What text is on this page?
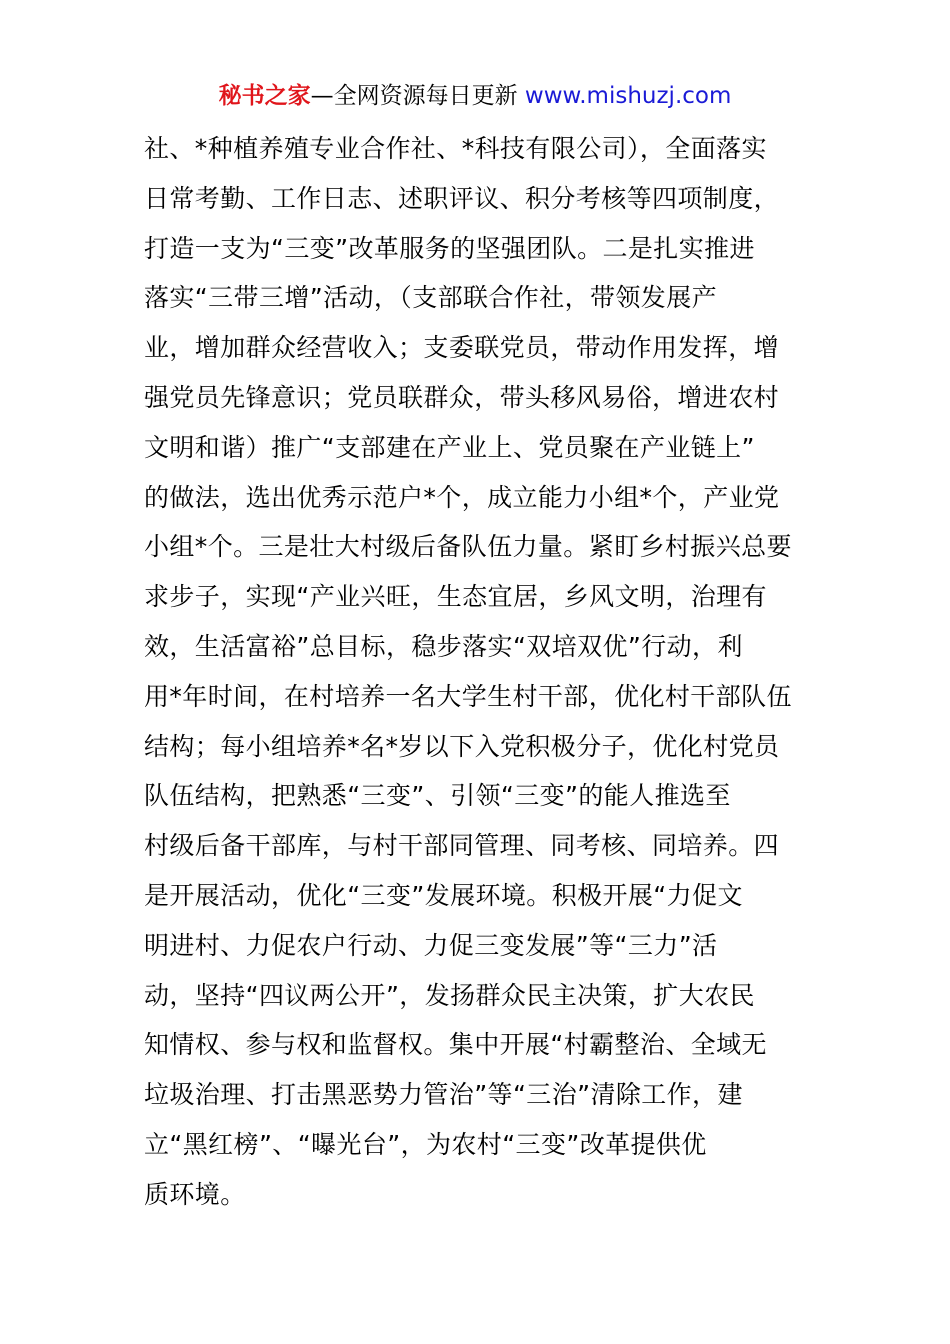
秘书之家—全网资源每日更新 www.mishuzj.com
社、*种植养殖专业合作社、*科技有限公司），全面落实
日常考勤、工作日志、述职评议、积分考核等四项制度，
打造一支为“三变”改革服务的坚强团队。二是扎实推进
落实“三带三增”活动，（支部联合作社，带领发展产
业，增加群众经营收入；支委联党员，带动作用发挥，增
强党员先锋意识；党员联群众，带头移风易俗，增进农村
文明和谐）推广“支部建在产业上、党员聚在产业链上”
的做法，选出优秀示范户*个，成立能力小组*个，产业党
小组*个。三是壮大村级后备队伍力量。紧盯乡村振兴总要
求步子，实现“产业兴旺，生态宜居，乡风文明，治理有
效，生活富裕”总目标，稳步落实“双培双优”行动，利
用*年时间，在村培养一名大学生村干部，优化村干部队伍
结构；每小组培养*名*岁以下入党积极分子，优化村党员
队伍结构，把熟悉“三变”、引领“三变”的能人推选至
村级后备干部库，与村干部同管理、同考核、同培养。四
是开展活动，优化“三变”发展环境。积极开展“力促文
明进村、力促农户行动、力促三变发展”等“三力”活
动，坚持“四议两公开”，发扬群众民主决策，扩大农民
知情权、参与权和监督权。集中开展“村霸整治、全域无
垃圾治理、打击黑恶势力管治”等“三治”清除工作，建
立“黑红榜”、“曝光台”，为农村“三变”改革提供优
质环境。
